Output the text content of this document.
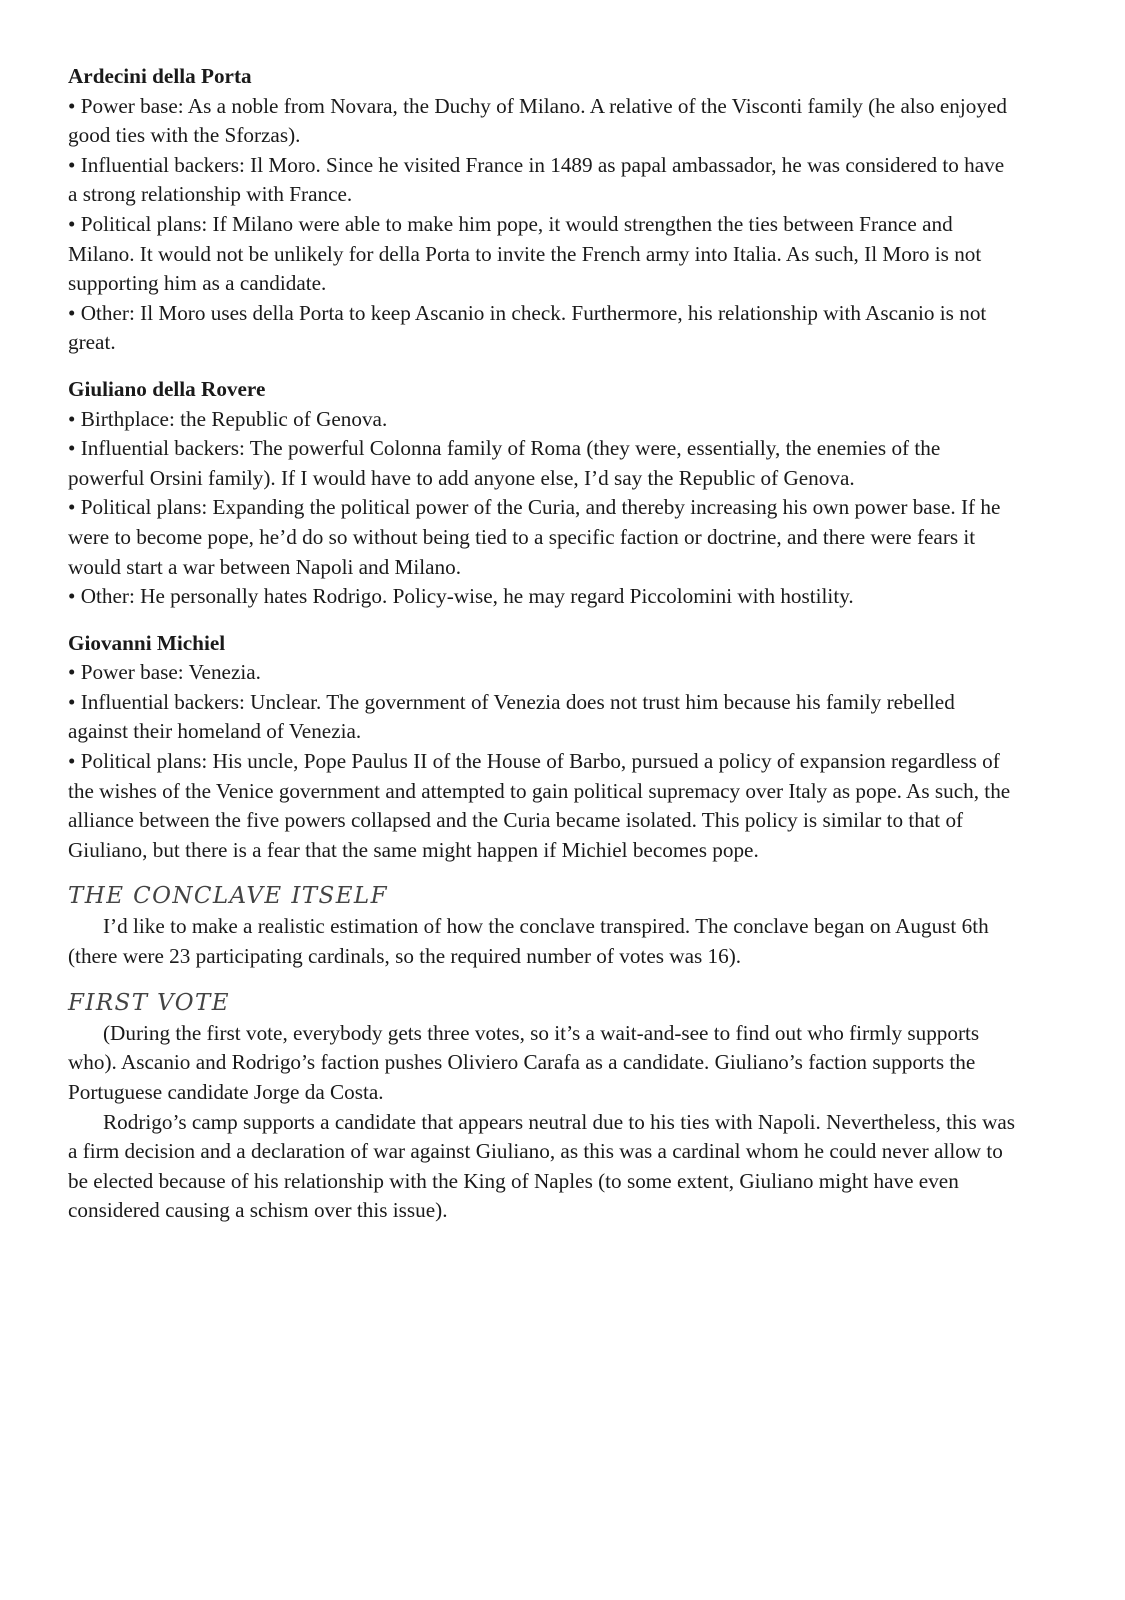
Ardecini della Porta

• Power base: As a noble from Novara, the Duchy of Milano. A relative of the Visconti family (he also enjoyed good ties with the Sforzas).

• Influential backers: Il Moro. Since he visited France in 1489 as papal ambassador, he was considered to have a strong relationship with France.

• Political plans: If Milano were able to make him pope, it would strengthen the ties between France and Milano. It would not be unlikely for della Porta to invite the French army into Italia. As such, Il Moro is not supporting him as a candidate.

• Other: Il Moro uses della Porta to keep Ascanio in check. Furthermore, his relationship with Ascanio is not great.

Giuliano della Rovere

• Birthplace: the Republic of Genova.

• Influential backers: The powerful Colonna family of Roma (they were, essentially, the enemies of the powerful Orsini family). If I would have to add anyone else, I’d say the Republic of Genova.

• Political plans: Expanding the political power of the Curia, and thereby increasing his own power base. If he were to become pope, he’d do so without being tied to a specific faction or doctrine, and there were fears it would start a war between Napoli and Milano.

• Other: He personally hates Rodrigo. Policy-wise, he may regard Piccolomini with hostility.

Giovanni Michiel

• Power base: Venezia.

• Influential backers: Unclear. The government of Venezia does not trust him because his family rebelled against their homeland of Venezia.

• Political plans: His uncle, Pope Paulus II of the House of Barbo, pursued a policy of expansion regardless of the wishes of the Venice government and attempted to gain political supremacy over Italy as pope. As such, the alliance between the five powers collapsed and the Curia became isolated. This policy is similar to that of Giuliano, but there is a fear that the same might happen if Michiel becomes pope.

THE CONCLAVE ITSELF

I’d like to make a realistic estimation of how the conclave transpired. The conclave began on August 6th (there were 23 participating cardinals, so the required number of votes was 16).

FIRST VOTE

(During the first vote, everybody gets three votes, so it’s a wait-and-see to find out who firmly supports who). Ascanio and Rodrigo’s faction pushes Oliviero Carafa as a candidate. Giuliano’s faction supports the Portuguese candidate Jorge da Costa.

Rodrigo’s camp supports a candidate that appears neutral due to his ties with Napoli. Nevertheless, this was a firm decision and a declaration of war against Giuliano, as this was a cardinal whom he could never allow to be elected because of his relationship with the King of Naples (to some extent, Giuliano might have even considered causing a schism over this issue).
